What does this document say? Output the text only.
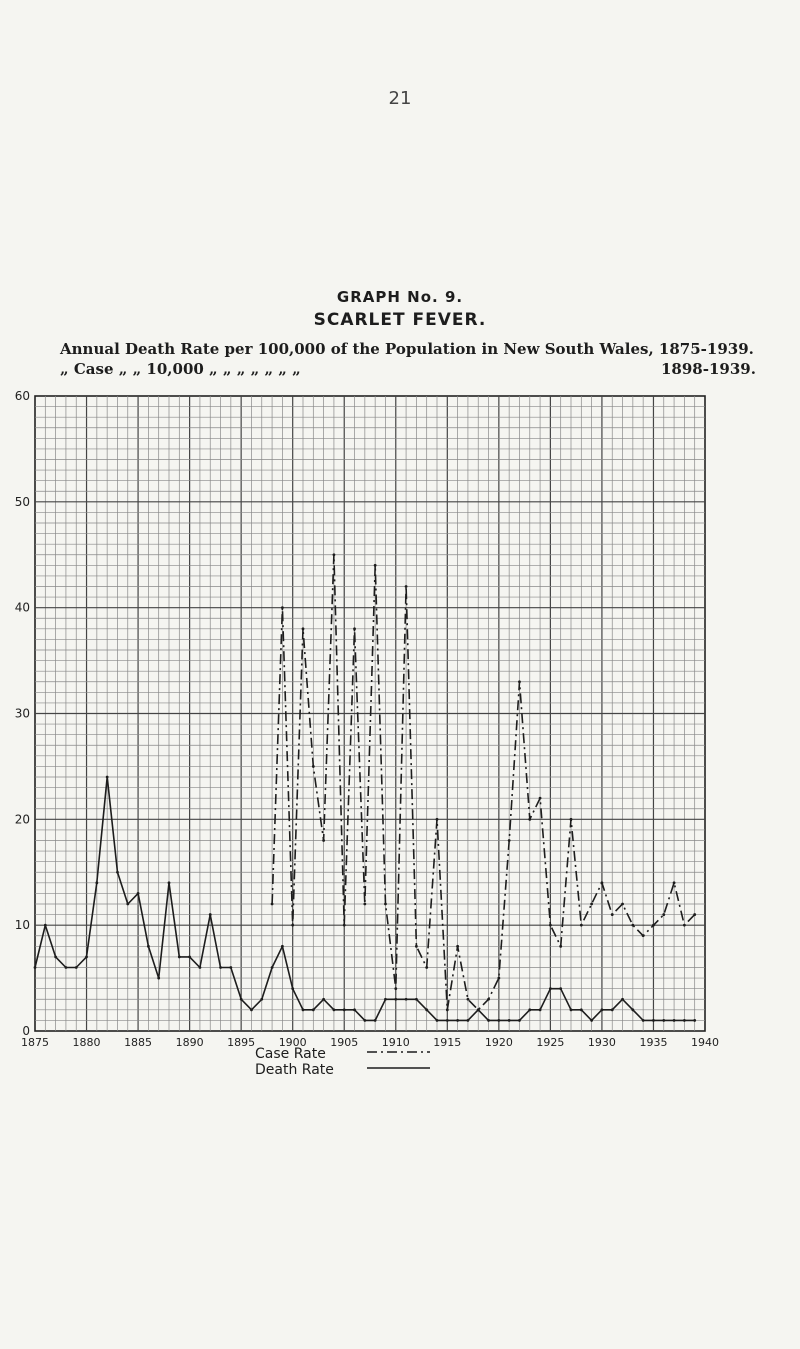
21
GRAPH No. 9.
SCARLET FEVER.
Annual Death Rate per 100,000 of the Population in New South Wales, 1875-1939.
„ Case „ „ 10,000 „ „ „ „ „ „ „	1898-1939.
1875 1880 1885 1890 1895 1900 1905 1910 1915 1920 1925 1930 1935 1940
0
10
20
30
40
50
60
Case Rate
Death Rate
